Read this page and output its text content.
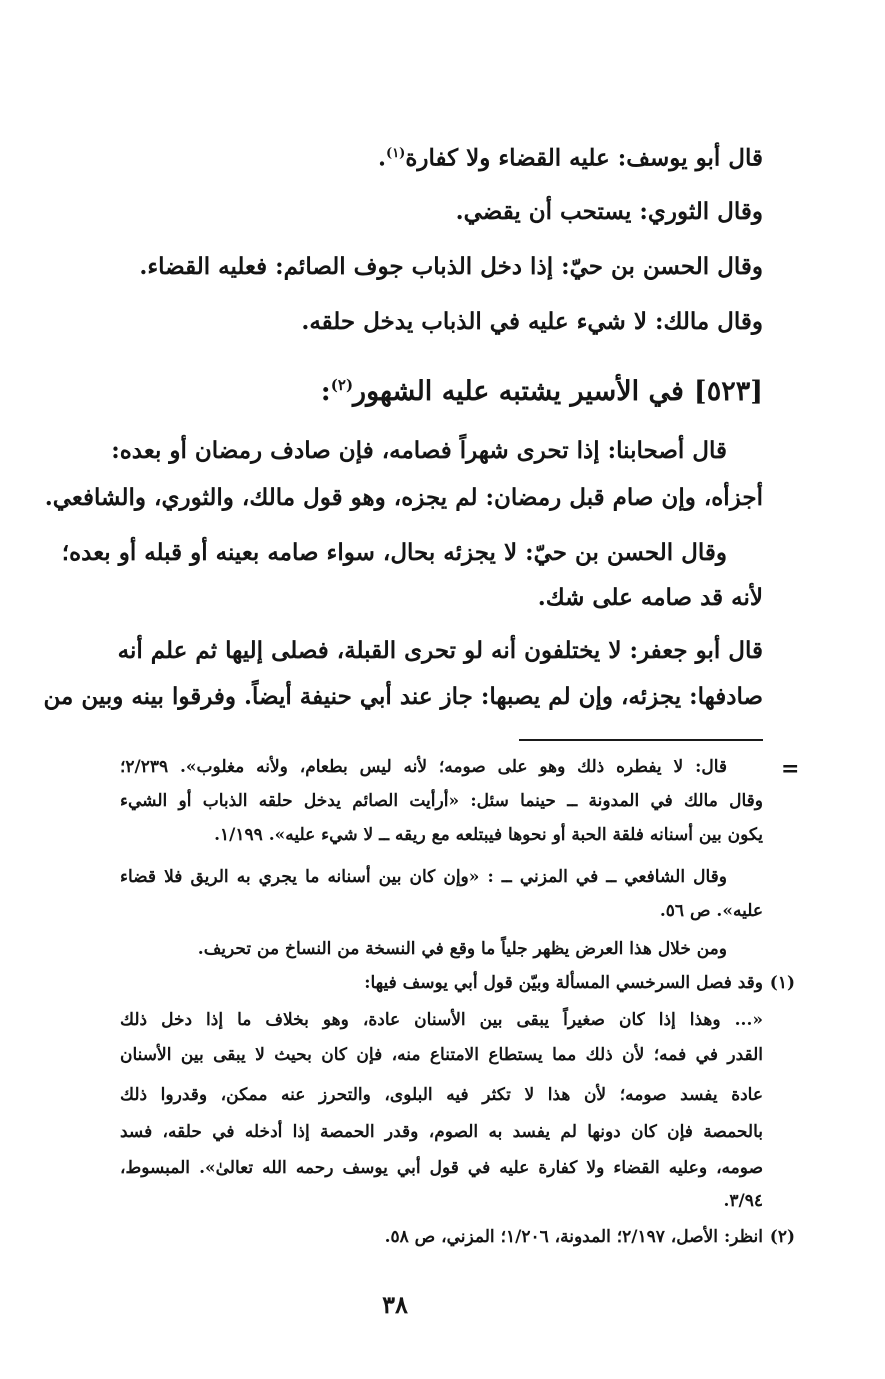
قال أبو يوسف: عليه القضاء ولا كفارة$^{(١)}$.
وقال الثوري: يستحب أن يقضي.
وقال الحسن بن حيّ: إذا دخل الذباب جوف الصائم: فعليه القضاء.
وقال مالك: لا شيء عليه في الذباب يدخل حلقه.
[٥٢٣]في الأسير يشتبه عليه الشهور$^{(٢)}$:
قال أصحابنا: إذا تحرى شهراً فصامه، فإن صادف رمضان أو بعده:
أجزأه، وإن صام قبل رمضان: لم يجزه، وهو قول مالك، والثوري، والشافعي.
وقال الحسن بن حيّ: لا يجزئه بحال، سواء صامه بعينه أو قبله أو بعده؛
لأنه قد صامه على شك.
قال أبو جعفر: لا يختلفون أنه لو تحرى القبلة، فصلى إليها ثم علم أنه
صادفها: يجزئه، وإن لم يصبها: جاز عند أبي حنيفة أيضاً. وفرقوا بينه وبين من
=
قال: لا يفطره ذلك وهو على صومه؛ لأنه ليس بطعام، ولأنه مغلوب». ٢/٢٣٩؛
وقال مالك في المدونة ــ حينما سئل: «أرأيت الصائم يدخل حلقه الذباب أو الشيء
يكون بين أسنانه فلقة الحبة أو نحوها فيبتلعه مع ريقه ــ لا شيء عليه». ١/١٩٩.
وقال الشافعي ــ في المزني ــ : «وإن كان بين أسنانه ما يجري به الريق فلا قضاء
عليه». ص ٥٦.
ومن خلال هذا العرض يظهر جلياً ما وقع في النسخة من النساخ من تحريف.
(١)
وقد فصل السرخسي المسألة وبيّن قول أبي يوسف فيها:
«... وهذا إذا كان صغيراً يبقى بين الأسنان عادة، وهو بخلاف ما إذا دخل ذلك
القدر في فمه؛ لأن ذلك مما يستطاع الامتناع منه، فإن كان بحيث لا يبقى بين الأسنان
عادة يفسد صومه؛ لأن هذا لا تكثر فيه البلوى، والتحرز عنه ممكن، وقدروا ذلك
بالحمصة فإن كان دونها لم يفسد به الصوم، وقدر الحمصة إذا أدخله في حلقه، فسد
صومه، وعليه القضاء ولا كفارة عليه في قول أبي يوسف رحمه الله تعالىٰ». المبسوط،
٣/٩٤.
(٢)
انظر: الأصل، ٢/١٩٧؛ المدونة، ١/٢٠٦؛ المزني، ص ٥٨.
٣٨
